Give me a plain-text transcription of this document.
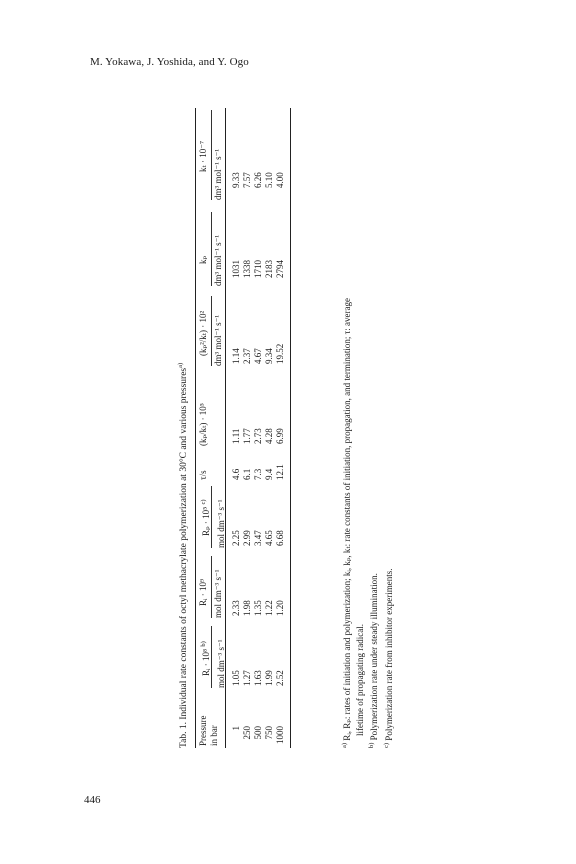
M. Yokawa, J. Yoshida, and Y. Ogo
446
Tab. 1. Individual rate constants of octyl methacrylate polymerization at 30°C and various pressures$^{a)}$
Pressure in bar
Rᵢ · 10⁸ $^{b)}$	mol dm⁻³ s⁻¹
Rᵢ · 10⁹ mol dm⁻³ s⁻¹
Rₚ · 10⁵ $^{c)}$	mol dm⁻³ s⁻¹
τ/s
(kₚ/kₜ) · 10⁵
(kₚ²/kₜ) · 10² dm³ mol⁻¹ s⁻¹
kₚ dm³ mol⁻¹ s⁻¹
kₜ · 10⁻⁷ dm³ mol⁻¹ s⁻¹
1
1.05
2.33
2.25
4.6
1.11
1.14
1031
9.33
250
1.27
1.98
2.99
6.1
1.77
2.37
1338
7.57
500
1.63
1.35
3.47
7.3
2.73
4.67
1710
6.26
750
1.99
1.22
4.65
9.4
4.28
9.34
2183
5.10
1000
2.52
1.20
6.68
12.1
6.99
19.52
2794
4.00

$^{a)}$ Rᵢ, Rₚ: rates of initiation and polymerization; kᵢ, kₚ, kₜ: rate constants of initiation, propagation, and termination; τ: average lifetime of propagating radical.

$^{b)}$ Polymerization rate under steady illumination.

$^{c)}$ Polymerization rate from inhibitor experiments.
